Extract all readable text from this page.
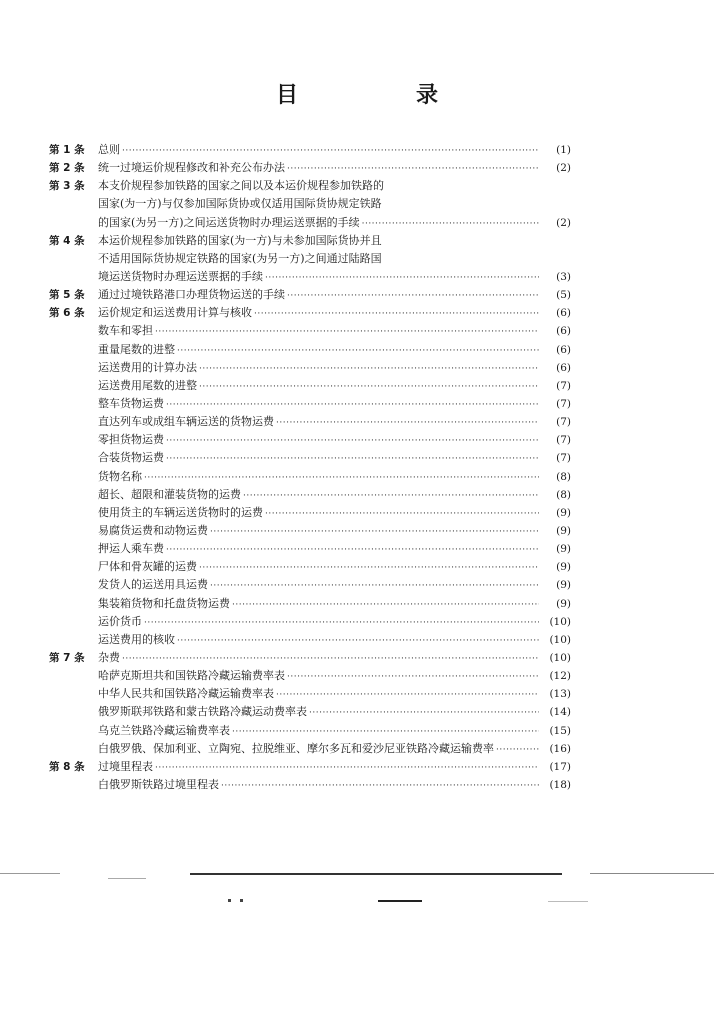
目　录
第 1 条	总则 ·····	(1)
第 2 条	统一过境运价规程修改和补充公布办法 ·····	(2)
第 3 条	本支价规程参加铁路的国家之间以及本运价规程参加铁路的
国家(为一方)与仅参加国际货协或仅适用国际货协规定铁路
的国家(为另一方)之间运送货物时办理运送票据的手续 ·····	(2)
第 4 条	本运价规程参加铁路的国家(为一方)与未参加国际货协并且
不适用国际货协规定铁路的国家(为另一方)之间通过陆路国
境运送货物时办理运送票据的手续 ·····	(3)
第 5 条	通过过境铁路港口办理货物运送的手续 ·····	(5)
第 6 条	运价规定和运送费用计算与核收 ·····	(6)
数车和零担 ·····	(6)
重量尾数的进整 ·····	(6)
运送费用的计算办法 ·····	(6)
运送费用尾数的进整 ·····	(7)
整车货物运费 ·····	(7)
直达列车或成组车辆运送的货物运费 ·····	(7)
零担货物运费 ·····	(7)
合装货物运费 ·····	(7)
货物名称 ·····	(8)
超长、超限和灌装货物的运费 ·····	(8)
使用货主的车辆运送货物时的运费 ·····	(9)
易腐货运费和动物运费 ·····	(9)
押运人乘车费 ·····	(9)
尸体和骨灰罐的运费 ·····	(9)
发货人的运送用具运费 ·····	(9)
集装箱货物和托盘货物运费 ·····	(9)
运价货币 ·····	(10)
运送费用的核收 ·····	(10)
第 7 条	杂费 ·····	(10)
哈萨克斯坦共和国铁路冷藏运输费率表 ·····	(12)
中华人民共和国铁路冷藏运输费率表 ·····	(13)
俄罗斯联邦铁路和蒙古铁路冷藏运动费率表 ·····	(14)
乌克兰铁路冷藏运输费率表 ·····	(15)
白俄罗俄、保加利亚、立陶宛、拉脱维亚、摩尔多瓦和爱沙尼亚铁路冷藏运输费率 ·····	(16)
第 8 条	过境里程表 ·····	(17)
白俄罗斯铁路过境里程表 ·····	(18)
